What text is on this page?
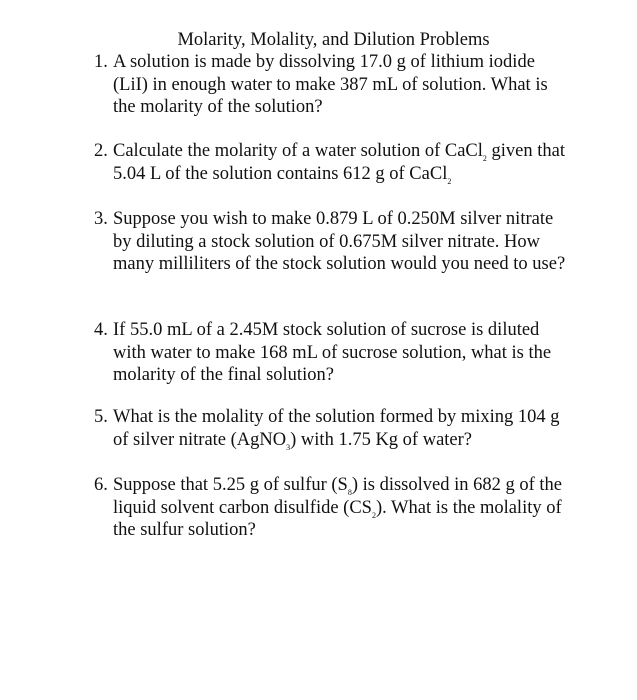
Molarity, Molality, and Dilution Problems
1. A solution is made by dissolving 17.0 g of lithium iodide (LiI) in enough water to make 387 mL of solution. What is the molarity of the solution?
2. Calculate the molarity of a water solution of CaCl$_2$ given that 5.04 L of the solution contains 612 g of CaCl$_2$
3. Suppose you wish to make 0.879 L of 0.250M silver nitrate by diluting a stock solution of 0.675M silver nitrate. How many milliliters of the stock solution would you need to use?
4. If 55.0 mL of a 2.45M stock solution of sucrose is diluted with water to make 168 mL of sucrose solution, what is the molarity of the final solution?
5. What is the molality of the solution formed by mixing 104 g of silver nitrate (AgNO$_3$) with 1.75 Kg of water?
6. Suppose that 5.25 g of sulfur $(S_8)$ is dissolved in 682 g of the liquid solvent carbon disulfide $(CS_2)$. What is the molality of the sulfur solution?
